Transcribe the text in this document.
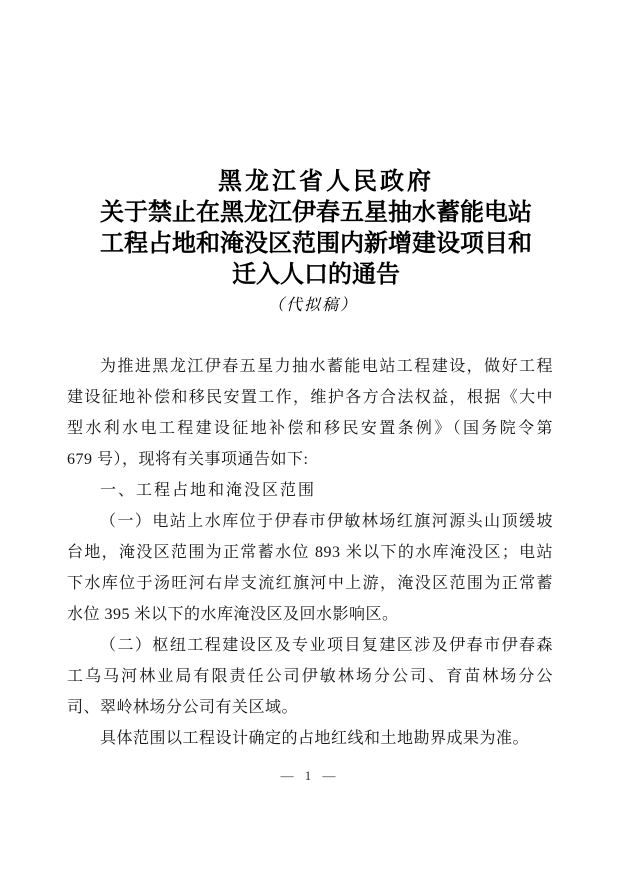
黑龙江省人民政府
关于禁止在黑龙江伊春五星抽水蓄能电站
工程占地和淹没区范围内新增建设项目和
迁入人口的通告
（代拟稿）
为推进黑龙江伊春五星力抽水蓄能电站工程建设，做好工程
建设征地补偿和移民安置工作，维护各方合法权益，根据《大中
型水利水电工程建设征地补偿和移民安置条例》（国务院令第
679 号），现将有关事项通告如下:
一、工程占地和淹没区范围
（一）电站上水库位于伊春市伊敏林场红旗河源头山顶缓坡
台地，淹没区范围为正常蓄水位 893 米以下的水库淹没区；电站
下水库位于汤旺河右岸支流红旗河中上游，淹没区范围为正常蓄
水位 395 米以下的水库淹没区及回水影响区。
（二）枢纽工程建设区及专业项目复建区涉及伊春市伊春森
工乌马河林业局有限责任公司伊敏林场分公司、育苗林场分公
司、翠岭林场分公司有关区域。
具体范围以工程设计确定的占地红线和土地勘界成果为准。
— 1 —
